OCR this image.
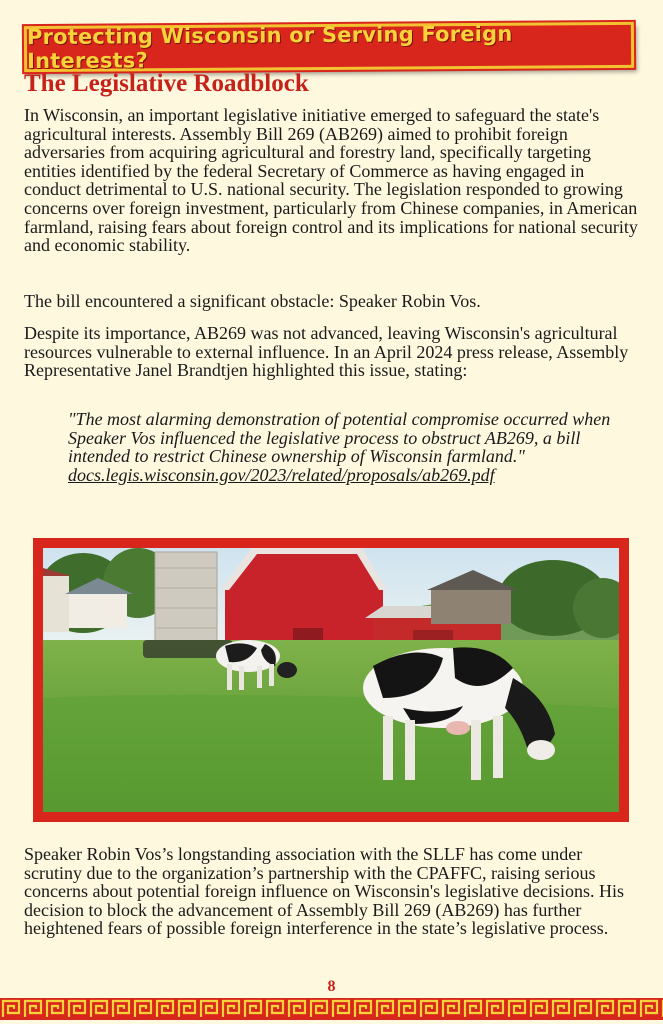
Protecting Wisconsin or Serving Foreign Interests?
The Legislative Roadblock

In Wisconsin, an important legislative initiative emerged to safeguard the state's agricultural interests. Assembly Bill 269 (AB269) aimed to prohibit foreign adversaries from acquiring agricultural and forestry land, specifically targeting entities identified by the federal Secretary of Commerce as having engaged in conduct detrimental to U.S. national security. The legislation responded to growing concerns over foreign investment, particularly from Chinese companies, in American farmland, raising fears about foreign control and its implications for national security and economic stability.

The bill encountered a significant obstacle: Speaker Robin Vos.

Despite its importance, AB269 was not advanced, leaving Wisconsin's agricultural resources vulnerable to external influence. In an April 2024 press release, Assembly Representative Janel Brandtjen highlighted this issue, stating:

"The most alarming demonstration of potential compromise occurred when Speaker Vos influenced the legislative process to obstruct AB269, a bill intended to restrict Chinese ownership of Wisconsin farmland."
docs.legis.wisconsin.gov/2023/related/proposals/ab269.pdf

Speaker Robin Vos’s longstanding association with the SLLF has come under scrutiny due to the organization’s partnership with the CPAFFC, raising serious concerns about potential foreign influence on Wisconsin's legislative decisions. His decision to block the advancement of Assembly Bill 269 (AB269) has further heightened fears of possible foreign interference in the state’s legislative process.

8
